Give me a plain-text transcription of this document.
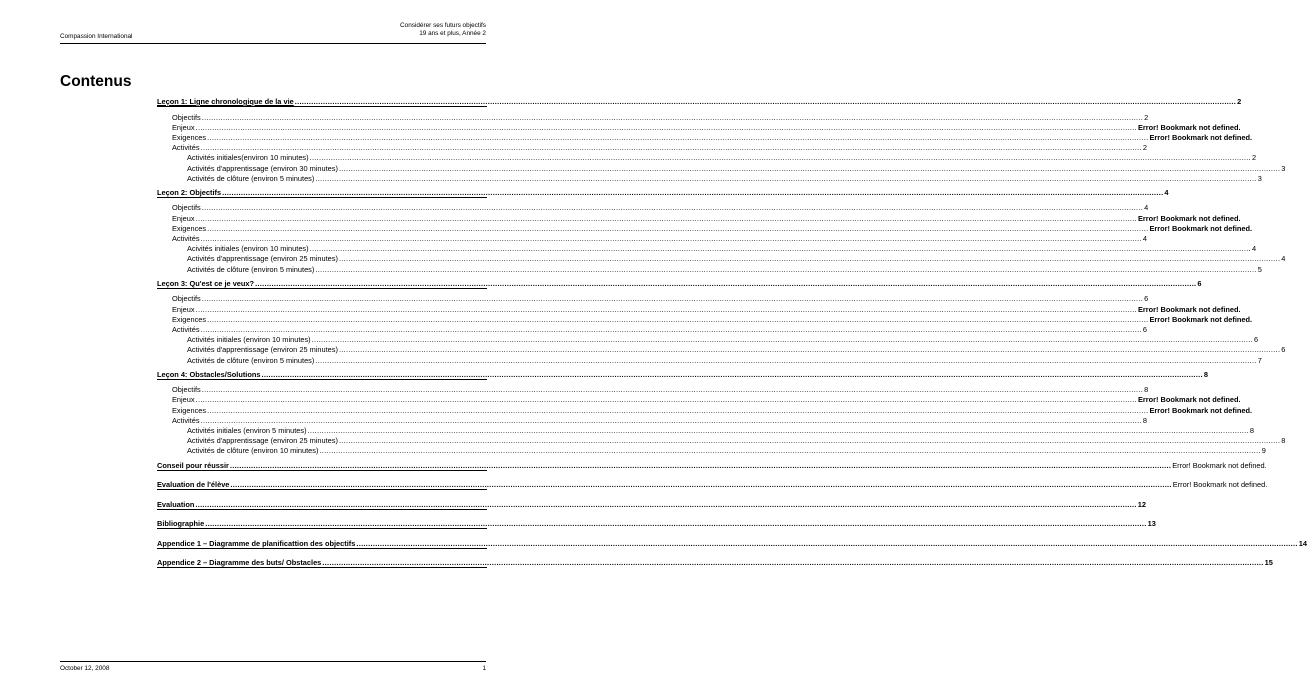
Compassion International
Considérer ses futurs objectifs
19 ans et plus, Année 2
Contenus
Leçon 1: Ligne chronologique de la vie ................................................................................................................................................................................................................................................................................................................................................................................................................ 2
Objectifs ................................................................................................................................................................................................................................................................................................................................................................................................................ 2
Enjeux ................................................................................................................................................................................................................................................................................................................................................................................................................ Error! Bookmark not defined.
Exigences ................................................................................................................................................................................................................................................................................................................................................................................................................ Error! Bookmark not defined.
Activités ................................................................................................................................................................................................................................................................................................................................................................................................................ 2
Activités initiales(environ 10 minutes) ................................................................................................................................................................................................................................................................................................................................................................................................................ 2
Activités d'apprentissage (environ 30 minutes) ................................................................................................................................................................................................................................................................................................................................................................................................................ 3
Activités de clôture (environ 5 minutes) ................................................................................................................................................................................................................................................................................................................................................................................................................ 3
Leçon 2: Objectifs ................................................................................................................................................................................................................................................................................................................................................................................................................ 4
Objectifs ................................................................................................................................................................................................................................................................................................................................................................................................................ 4
Enjeux ................................................................................................................................................................................................................................................................................................................................................................................................................ Error! Bookmark not defined.
Exigences ................................................................................................................................................................................................................................................................................................................................................................................................................ Error! Bookmark not defined.
Activités ................................................................................................................................................................................................................................................................................................................................................................................................................ 4
Acivités initiales (environ 10 minutes) ................................................................................................................................................................................................................................................................................................................................................................................................................ 4
Activités d'apprentissage (environ 25 minutes) ................................................................................................................................................................................................................................................................................................................................................................................................................ 4
Activités de clôture (environ 5 minutes) ................................................................................................................................................................................................................................................................................................................................................................................................................ 5
Leçon 3: Qu'est ce je veux? ................................................................................................................................................................................................................................................................................................................................................................................................................ 6
Objectifs ................................................................................................................................................................................................................................................................................................................................................................................................................ 6
Enjeux ................................................................................................................................................................................................................................................................................................................................................................................................................ Error! Bookmark not defined.
Exigences ................................................................................................................................................................................................................................................................................................................................................................................................................ Error! Bookmark not defined.
Activités ................................................................................................................................................................................................................................................................................................................................................................................................................ 6
Activités initiales (environ 10 minutes) ................................................................................................................................................................................................................................................................................................................................................................................................................ 6
Activités d'apprentissage (environ 25 minutes) ................................................................................................................................................................................................................................................................................................................................................................................................................ 6
Activités de clôture (environ 5 minutes) ................................................................................................................................................................................................................................................................................................................................................................................................................ 7
Leçon 4: Obstacles/Solutions ................................................................................................................................................................................................................................................................................................................................................................................................................ 8
Objectifs ................................................................................................................................................................................................................................................................................................................................................................................................................ 8
Enjeux ................................................................................................................................................................................................................................................................................................................................................................................................................ Error! Bookmark not defined.
Exigences ................................................................................................................................................................................................................................................................................................................................................................................................................ Error! Bookmark not defined.
Activités ................................................................................................................................................................................................................................................................................................................................................................................................................ 8
Activités initiales (environ 5 minutes) ................................................................................................................................................................................................................................................................................................................................................................................................................ 8
Activités d'apprentissage (environ 25 minutes) ................................................................................................................................................................................................................................................................................................................................................................................................................ 8
Activités de clôture (environ 10 minutes) ................................................................................................................................................................................................................................................................................................................................................................................................................ 9
Conseil pour réussir ................................................................................................................................................................................................................................................................................................................................................................................................................ Error! Bookmark not defined.
Evaluation de l'élève ................................................................................................................................................................................................................................................................................................................................................................................................................ Error! Bookmark not defined.
Evaluation ................................................................................................................................................................................................................................................................................................................................................................................................................ 12
Bibliographie ................................................................................................................................................................................................................................................................................................................................................................................................................ 13
Appendice 1 – Diagramme de planificattion des objectifs ................................................................................................................................................................................................................................................................................................................................................................................................................ 14
Appendice 2 – Diagramme des buts/ Obstacles ................................................................................................................................................................................................................................................................................................................................................................................................................ 15
October 12, 2008	1
